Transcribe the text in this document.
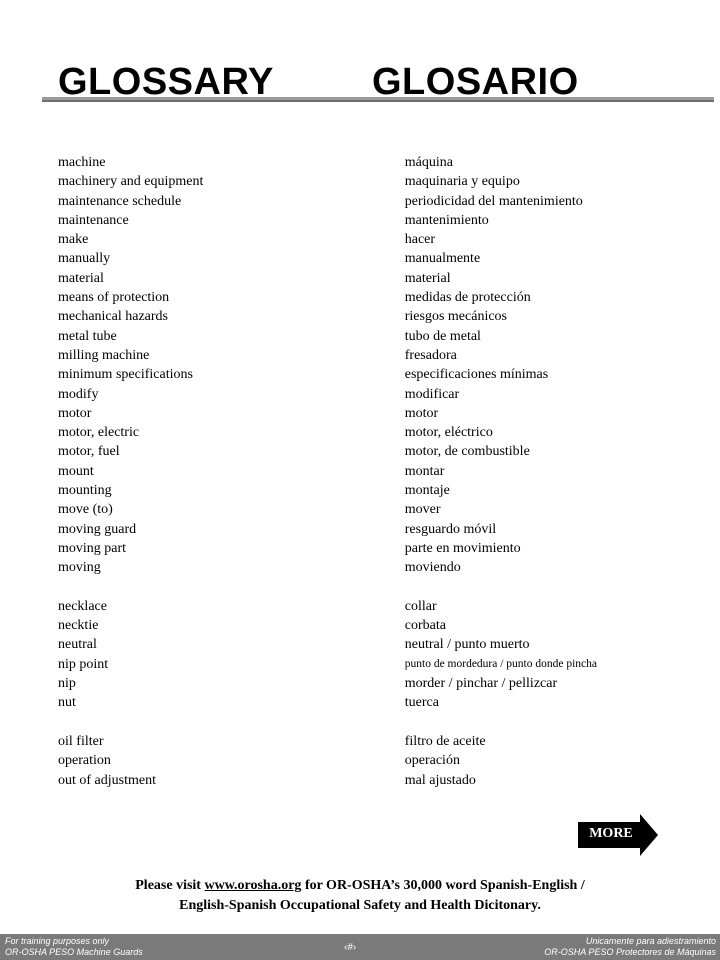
GLOSSARY	GLOSARIO
machine	máquina
machinery and equipment	maquinaria y equipo
maintenance schedule	periodicidad del mantenimiento
maintenance	mantenimiento
make	hacer
manually	manualmente
material	material
means of protection	medidas de protección
mechanical hazards	riesgos mecánicos
metal tube	tubo de metal
milling machine	fresadora
minimum specifications	especificaciones mínimas
modify	modificar
motor	motor
motor, electric	motor, eléctrico
motor, fuel	motor, de combustible
mount	montar
mounting	montaje
move (to)	mover
moving guard	resguardo móvil
moving part	parte en movimiento
moving	moviendo
necklace	collar
necktie	corbata
neutral	neutral / punto muerto
nip point	punto de mordedura / punto donde pincha
nip	morder / pinchar / pellizcar
nut	tuerca
oil filter	filtro de aceite
operation	operación
out of adjustment	mal ajustado
MORE
Please visit www.orosha.org for OR-OSHA’s 30,000 word Spanish-English /
English-Spanish Occupational Safety and Health Dicitonary.
For training purposes only
OR-OSHA PESO Machine Guards	‹#›
Unicamente para adiestramiento
OR-OSHA PESO Protectores de Máquinas
